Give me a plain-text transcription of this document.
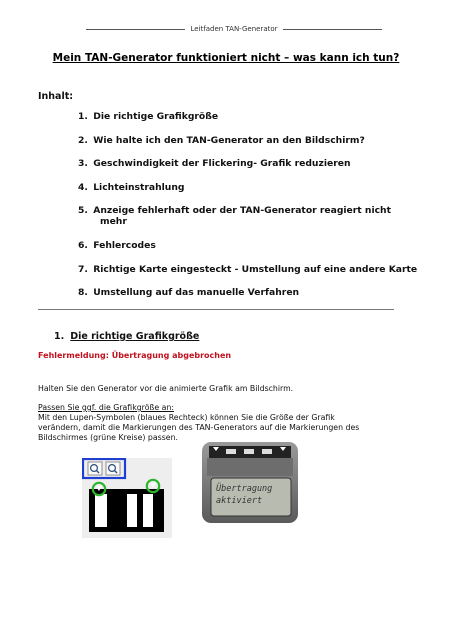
Leitfaden TAN-Generator
Mein TAN-Generator funktioniert nicht – was kann ich tun?
Inhalt:
1. Die richtige Grafikgröße
2. Wie halte ich den TAN-Generator an den Bildschirm?
3. Geschwindigkeit der Flickering- Grafik reduzieren
4. Lichteinstrahlung
5. Anzeige fehlerhaft oder der TAN-Generator reagiert nicht
mehr
6. Fehlercodes
7. Richtige Karte eingesteckt - Umstellung auf eine andere Karte
8. Umstellung auf das manuelle Verfahren
1. Die richtige Grafikgröße
Fehlermeldung: Übertragung abgebrochen
Halten Sie den Generator vor die animierte Grafik am Bildschirm.
Passen Sie ggf. die Grafikgröße an:
Mit den Lupen-Symbolen (blaues Rechteck) können Sie die Größe der Grafik
verändern, damit die Markierungen des TAN-Generators auf die Markierungen des
Bildschirmes (grüne Kreise) passen.
Übertragung
aktiviert
